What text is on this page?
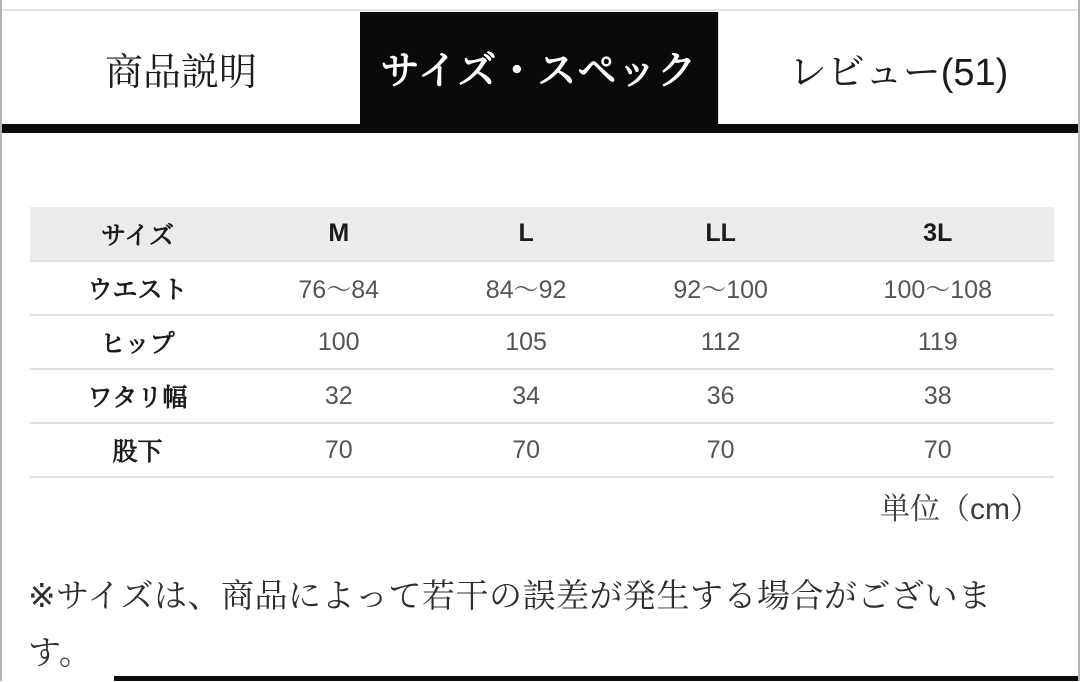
商品説明	サイズ・スペック	レビュー(51)
サイズ	M	L	LL	3L
ウエスト	76〜84	84〜92	92〜100	100〜108
ヒップ	100	105	112	119
ワタリ幅	32	34	36	38
股下	70	70	70	70
単位（cm）
※サイズは、商品によって若干の誤差が発生する場合がございます。
